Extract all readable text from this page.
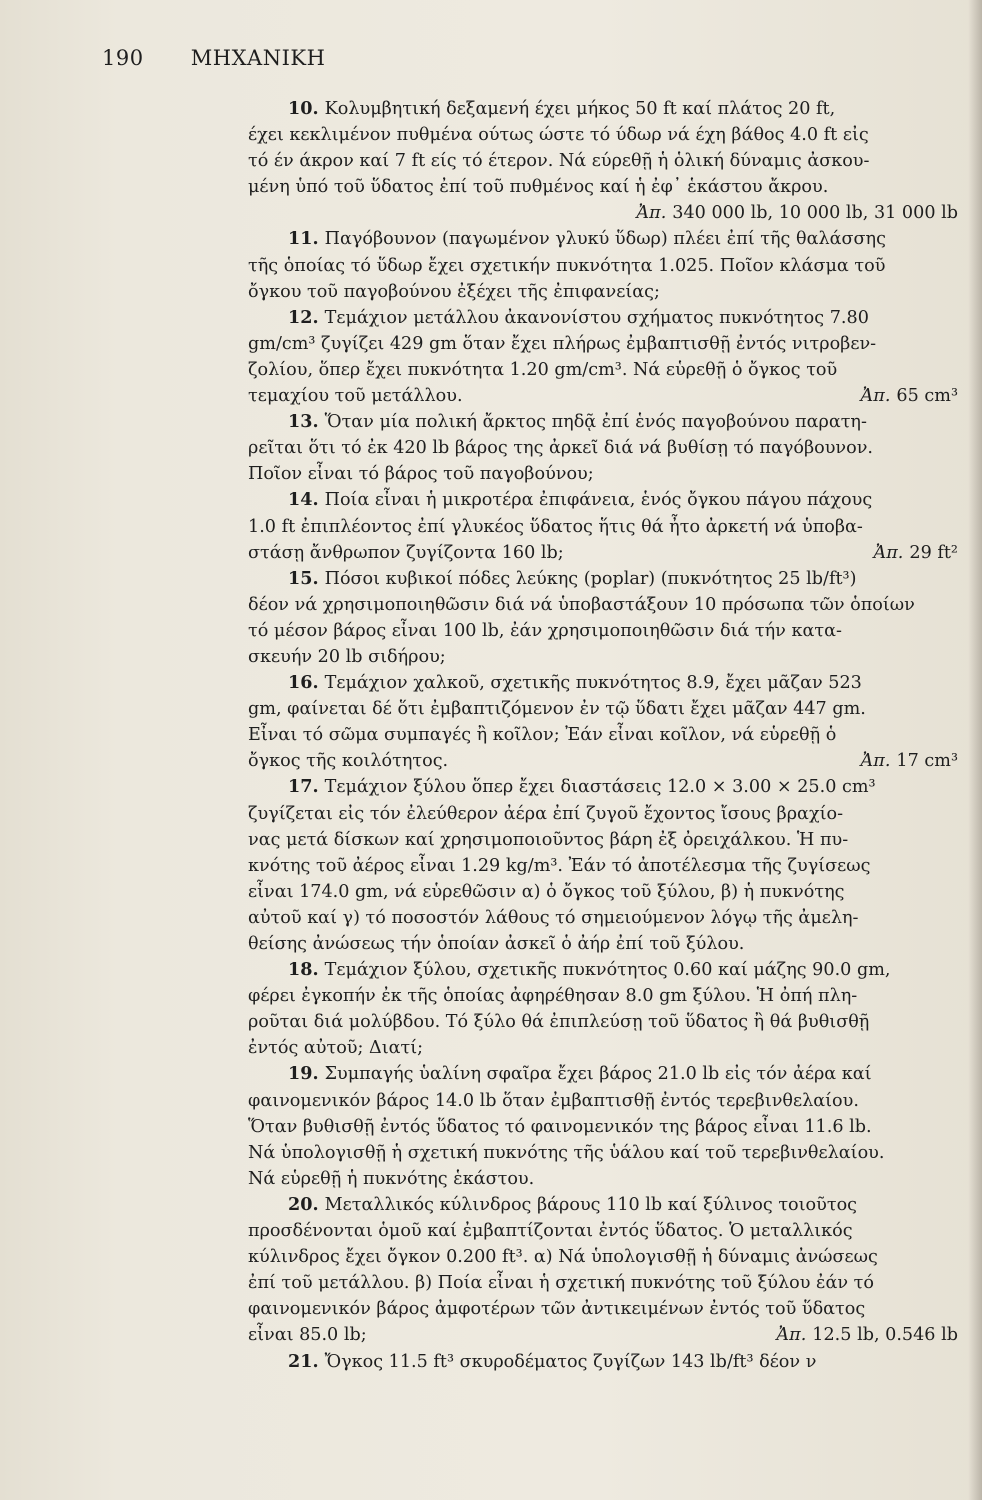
190 ΜΗΧΑΝΙΚΗ
10. Κολυμβητική δεξαμενή έχει μήκος 50 ft καί πλάτος 20 ft,
έχει κεκλιμένον πυθμένα ούτως ώστε τό ύδωρ νά έχη βάθος 4.0 ft εἰς
τό έν άκρον καί 7 ft είς τό έτερον. Νά εύρεθῇ ἡ ὁλική δύναμις ἀσκου-
μένη ὑπό τοῦ ὕδατος ἐπί τοῦ πυθμένος καί ἡ ἐφ᾽ ἑκάστου ἄκρου.
Ἀπ. 340 000 lb, 10 000 lb, 31 000 lb
11. Παγόβουνον (παγωμένον γλυκύ ὕδωρ) πλέει ἐπί τῆς θαλάσσης
τῆς ὁποίας τό ὕδωρ ἔχει σχετικήν πυκνότητα 1.025. Ποῖον κλάσμα τοῦ
ὄγκου τοῦ παγοβούνου ἐξέχει τῆς ἐπιφανείας;
12. Τεμάχιον μετάλλου ἀκανονίστου σχήματος πυκνότητος 7.80
gm/cm³ ζυγίζει 429 gm ὅταν ἔχει πλήρως ἐμβαπτισθῇ ἐντός νιτροβεν-
ζολίου, ὅπερ ἔχει πυκνότητα 1.20 gm/cm³. Νά εὑρεθῇ ὁ ὄγκος τοῦ
τεμαχίου τοῦ μετάλλου.	Ἀπ. 65 cm³
13. Ὅταν μία πολική ἄρκτος πηδᾷ ἐπί ἑνός παγοβούνου παρατη-
ρεῖται ὅτι τό ἐκ 420 lb βάρος της ἀρκεῖ διά νά βυθίσῃ τό παγόβουνον.
Ποῖον εἶναι τό βάρος τοῦ παγοβούνου;
14. Ποία εἶναι ἡ μικροτέρα ἐπιφάνεια, ἑνός ὄγκου πάγου πάχους
1.0 ft ἐπιπλέοντος ἐπί γλυκέος ὕδατος ἥτις θά ἦτο ἀρκετή νά ὑποβα-
στάσῃ ἄνθρωπον ζυγίζοντα 160 lb;	Ἀπ. 29 ft²
15. Πόσοι κυβικοί πόδες λεύκης (poplar) (πυκνότητος 25 lb/ft³)
δέον νά χρησιμοποιηθῶσιν διά νά ὑποβαστάξουν 10 πρόσωπα τῶν ὁποίων
τό μέσον βάρος εἶναι 100 lb, ἐάν χρησιμοποιηθῶσιν διά τήν κατα-
σκευήν 20 lb σιδήρου;
16. Τεμάχιον χαλκοῦ, σχετικῆς πυκνότητος 8.9, ἔχει μᾶζαν 523
gm, φαίνεται δέ ὅτι ἐμβαπτιζόμενον ἐν τῷ ὕδατι ἔχει μᾶζαν 447 gm.
Εἶναι τό σῶμα συμπαγές ἢ κοῖλον; Ἐάν εἶναι κοῖλον, νά εὑρεθῇ ὁ
ὄγκος τῆς κοιλότητος.	Ἀπ. 17 cm³
17. Τεμάχιον ξύλου ὅπερ ἔχει διαστάσεις 12.0 × 3.00 × 25.0 cm³
ζυγίζεται εἰς τόν ἐλεύθερον ἀέρα ἐπί ζυγοῦ ἔχοντος ἴσους βραχίο-
νας μετά δίσκων καί χρησιμοποιοῦντος βάρη ἐξ ὀρειχάλκου. Ἡ πυ-
κνότης τοῦ ἀέρος εἶναι 1.29 kg/m³. Ἐάν τό ἀποτέλεσμα τῆς ζυγίσεως
εἶναι 174.0 gm, νά εὑρεθῶσιν α) ὁ ὄγκος τοῦ ξύλου, β) ἡ πυκνότης
αὐτοῦ καί γ) τό ποσοστόν λάθους τό σημειούμενον λόγῳ τῆς ἀμελη-
θείσης ἀνώσεως τήν ὁποίαν ἀσκεῖ ὁ ἀήρ ἐπί τοῦ ξύλου.
18. Τεμάχιον ξύλου, σχετικῆς πυκνότητος 0.60 καί μάζης 90.0 gm,
φέρει ἐγκοπήν ἐκ τῆς ὁποίας ἀφηρέθησαν 8.0 gm ξύλου. Ἡ ὀπή πλη-
ροῦται διά μολύβδου. Τό ξύλο θά ἐπιπλεύσῃ τοῦ ὕδατος ἢ θά βυθισθῇ
ἐντός αὐτοῦ; Διατί;
19. Συμπαγής ὑαλίνη σφαῖρα ἔχει βάρος 21.0 lb εἰς τόν ἀέρα καί
φαινομενικόν βάρος 14.0 lb ὅταν ἐμβαπτισθῇ ἐντός τερεβινθελαίου.
Ὅταν βυθισθῇ ἐντός ὕδατος τό φαινομενικόν της βάρος εἶναι 11.6 lb.
Νά ὑπολογισθῇ ἡ σχετική πυκνότης τῆς ὑάλου καί τοῦ τερεβινθελαίου.
Νά εὑρεθῇ ἡ πυκνότης ἑκάστου.
20. Μεταλλικός κύλινδρος βάρους 110 lb καί ξύλινος τοιοῦτος
προσδένονται ὁμοῦ καί ἐμβαπτίζονται ἐντός ὕδατος. Ὁ μεταλλικός
κύλινδρος ἔχει ὄγκον 0.200 ft³. α) Νά ὑπολογισθῇ ἡ δύναμις ἀνώσεως
ἐπί τοῦ μετάλλου. β) Ποία εἶναι ἡ σχετική πυκνότης τοῦ ξύλου ἐάν τό
φαινομενικόν βάρος ἀμφοτέρων τῶν ἀντικειμένων ἐντός τοῦ ὕδατος
εἶναι 85.0 lb;	Ἀπ. 12.5 lb, 0.546 lb
21. Ὄγκος 11.5 ft³ σκυροδέματος ζυγίζων 143 lb/ft³ δέον ν
